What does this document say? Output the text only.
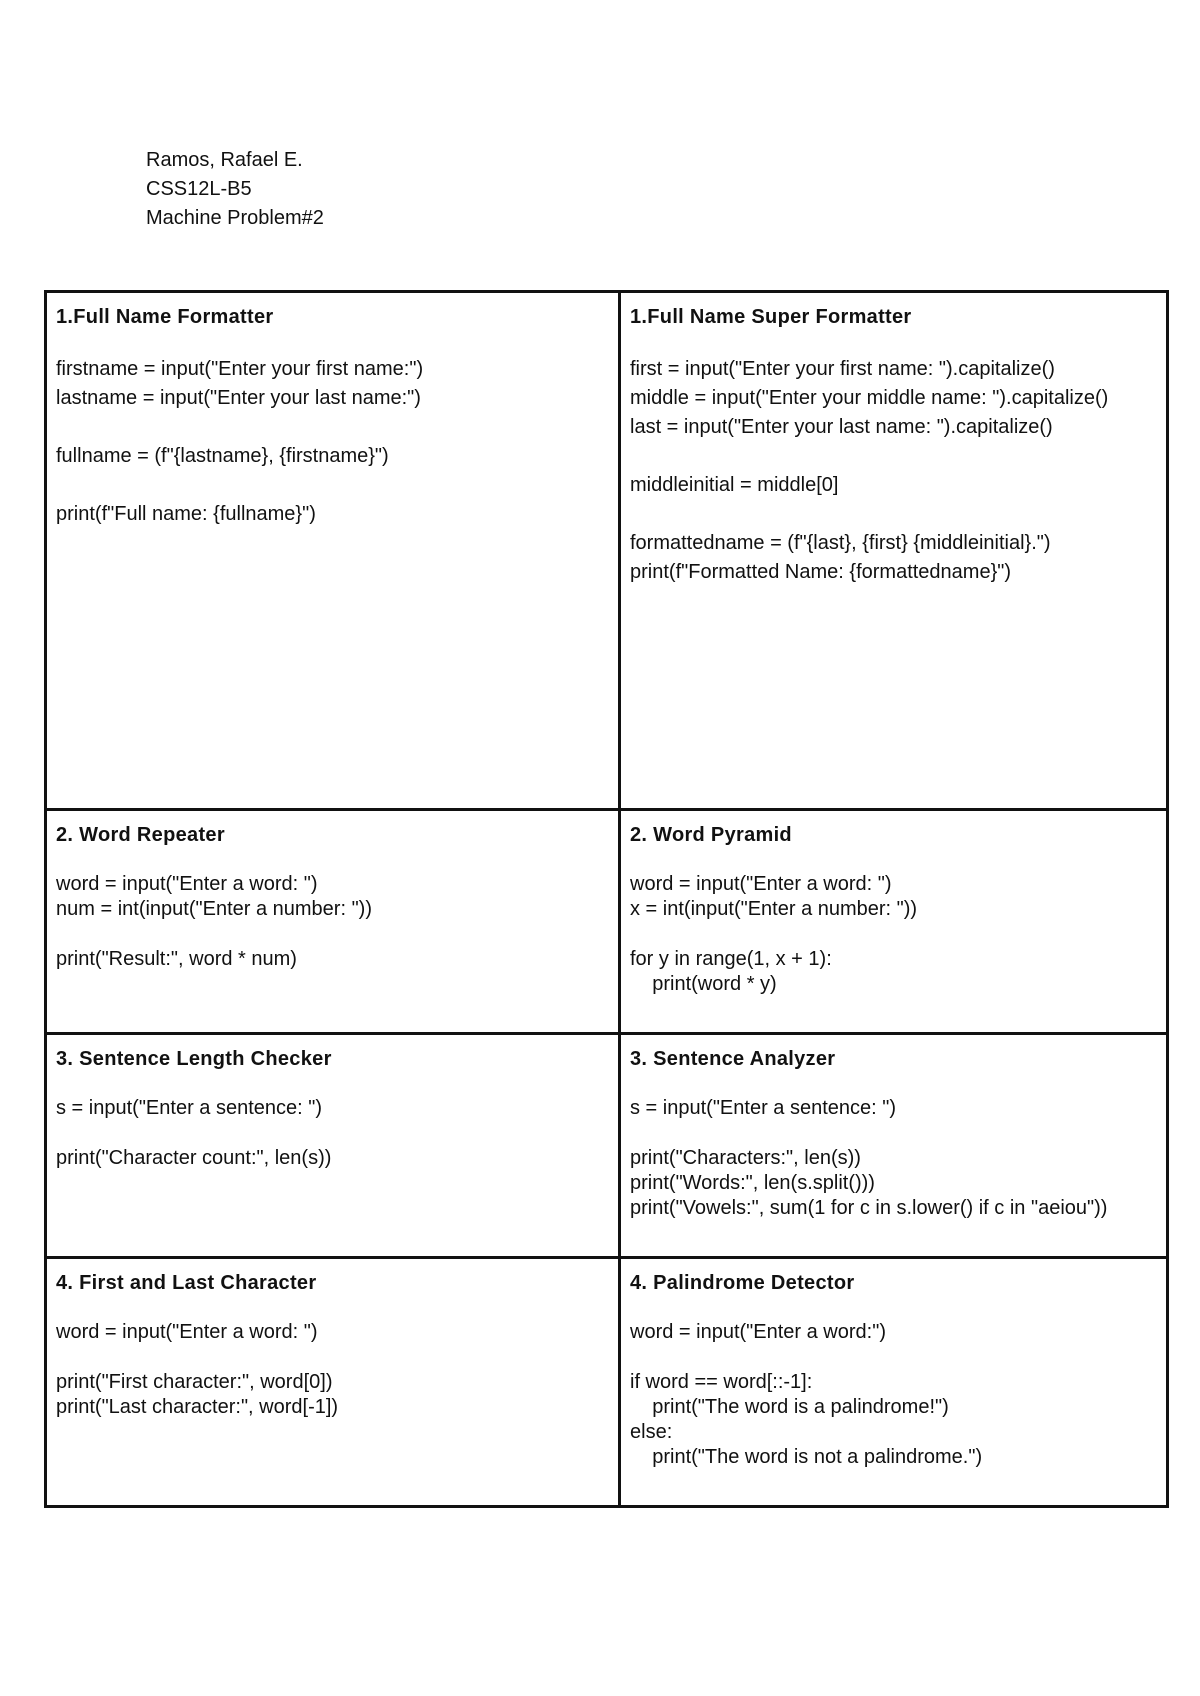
Ramos, Rafael E.
CSS12L-B5
Machine Problem#2
1.Full Name Formatter
firstname = input("Enter your first name:")
lastname = input("Enter your last name:")

fullname = (f"{lastname}, {firstname}")

print(f"Full name: {fullname}")
1.Full Name Super Formatter
first = input("Enter your first name: ").capitalize()
middle = input("Enter your middle name: ").capitalize()
last = input("Enter your last name: ").capitalize()

middleinitial = middle[0]

formattedname = (f"{last}, {first} {middleinitial}.")
print(f"Formatted Name: {formattedname}")
2. Word Repeater
word = input("Enter a word: ")
num = int(input("Enter a number: "))

print("Result:", word * num)
2. Word Pyramid
word = input("Enter a word: ")
x = int(input("Enter a number: "))

for y in range(1, x + 1):
print(word * y)
3. Sentence Length Checker
s = input("Enter a sentence: ")

print("Character count:", len(s))
3. Sentence Analyzer
s = input("Enter a sentence: ")

print("Characters:", len(s))
print("Words:", len(s.split()))
print("Vowels:", sum(1 for c in s.lower() if c in "aeiou"))
4. First and Last Character
word = input("Enter a word: ")

print("First character:", word[0])
print("Last character:", word[-1])
4. Palindrome Detector
word = input("Enter a word:")

if word == word[::-1]:
print("The word is a palindrome!")
else:
print("The word is not a palindrome.")
